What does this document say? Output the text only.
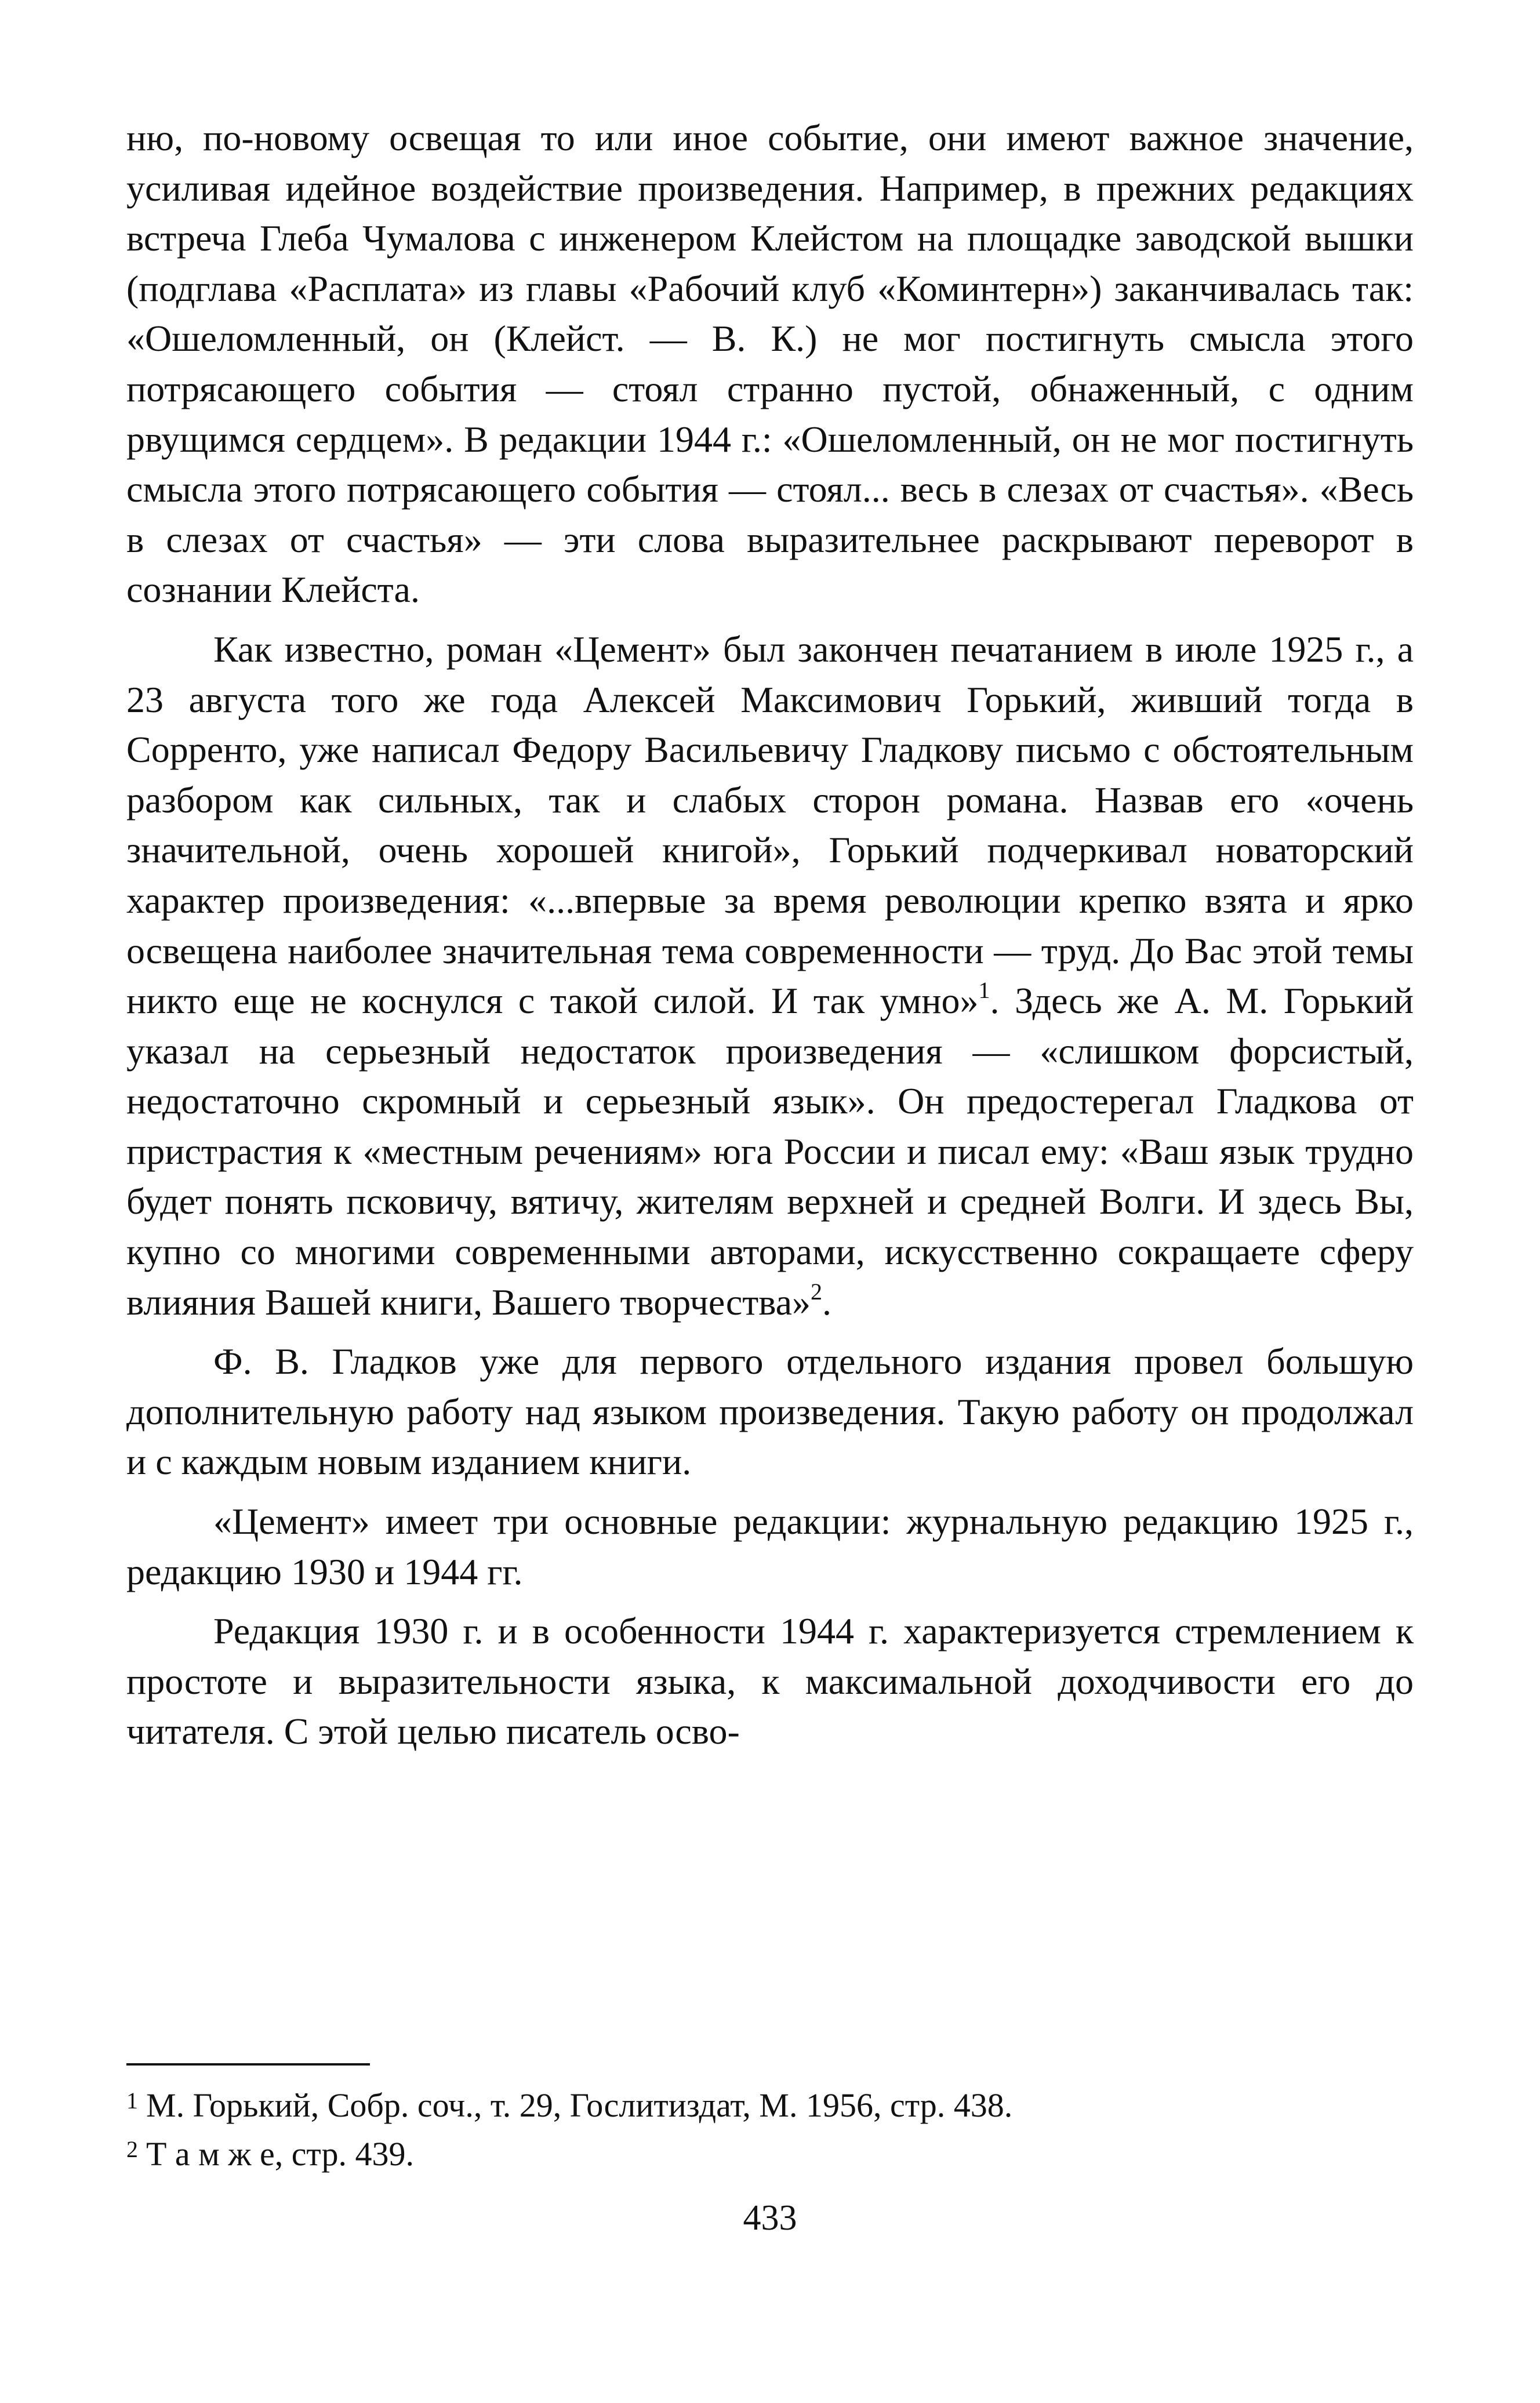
ню, по-новому освещая то или иное событие, они имеют важное значение, усиливая идейное воздействие произведения. Например, в прежних редакциях встреча Глеба Чумалова с инженером Клейстом на площадке заводской вышки (подглава «Расплата» из главы «Рабочий клуб «Коминтерн») заканчивалась так: «Ошеломленный, он (Клейст. — В. К.) не мог постигнуть смысла этого потрясающего события — стоял странно пустой, обнаженный, с одним рвущимся сердцем». В редакции 1944 г.: «Ошеломленный, он не мог постигнуть смысла этого потрясающего события — стоял... весь в слезах от счастья». «Весь в слезах от счастья» — эти слова выразительнее раскрывают переворот в сознании Клейста.

Как известно, роман «Цемент» был закончен печатанием в июле 1925 г., а 23 августа того же года Алексей Максимович Горький, живший тогда в Сорренто, уже написал Федору Васильевичу Гладкову письмо с обстоятельным разбором как сильных, так и слабых сторон романа. Назвав его «очень значительной, очень хорошей книгой», Горький подчеркивал новаторский характер произведения: «...впервые за время революции крепко взята и ярко освещена наиболее значительная тема современности — труд. До Вас этой темы никто еще не коснулся с такой силой. И так умно»$^1$. Здесь же А. М. Горький указал на серьезный недостаток произведения — «слишком форсистый, недостаточно скромный и серьезный язык». Он предостерегал Гладкова от пристрастия к «местным речениям» юга России и писал ему: «Ваш язык трудно будет понять псковичу, вятичу, жителям верхней и средней Волги. И здесь Вы, купно со многими современными авторами, искусственно сокращаете сферу влияния Вашей книги, Вашего творчества»$^2$.

Ф. В. Гладков уже для первого отдельного издания провел большую дополнительную работу над языком произведения. Такую работу он продолжал и с каждым новым изданием книги.

«Цемент» имеет три основные редакции: журнальную редакцию 1925 г., редакцию 1930 и 1944 гг.

Редакция 1930 г. и в особенности 1944 г. характеризуется стремлением к простоте и выразительности языка, к максимальной доходчивости его до читателя. С этой целью писатель осво-

$^1$ М. Горький, Собр. соч., т. 29, Гослитиздат, М. 1956, стр. 438.

$^2$ Т а м ж е, стр. 439.

433
